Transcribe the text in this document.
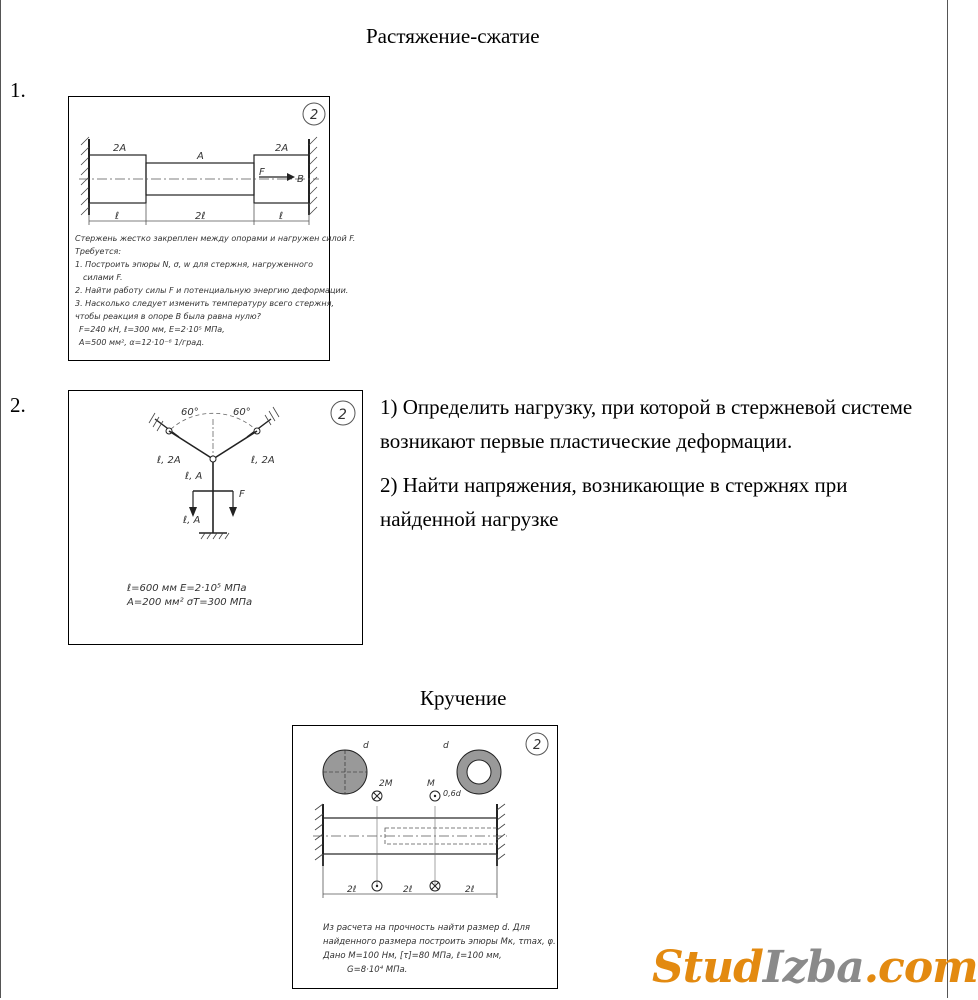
Растяжение-сжатие
1.
2
F
B
2A
A
2A
ℓ	2ℓ	ℓ
Стержень жестко закреплен между опорами и нагружен силой F.
Требуется:
1. Построить эпюры N, σ, w для стержня, нагруженного
силами F.
2. Найти работу силы F и потенциальную энергию деформации.
3. Насколько следует изменить температуру всего стержня,
чтобы реакция в опоре B была равна нулю?
F=240 кН, ℓ=300 мм, E=2·10⁵ МПа,
A=500 мм², α=12·10⁻⁶ 1/град.
2.	2
60°	60°
F
ℓ, 2A	ℓ, 2A
ℓ, A
ℓ, A
ℓ=600 мм E=2·10⁵ МПа
A=200 мм² σT=300 МПа

1) Определить нагрузку, при которой в стержневой системе возникают первые пластические деформации.

2) Найти напряжения, возникающие в стержнях при найденной нагрузке

Кручение
2
d	d
0,6d
2M	M
2ℓ	2ℓ	2ℓ
Из расчета на прочность найти размер d. Для
найденного размера построить эпюры Mк, τmax, φ.
Дано M=100 Нм, [τ]=80 МПа, ℓ=100 мм,
G=8·10⁴ МПа.	StudIzba.com
